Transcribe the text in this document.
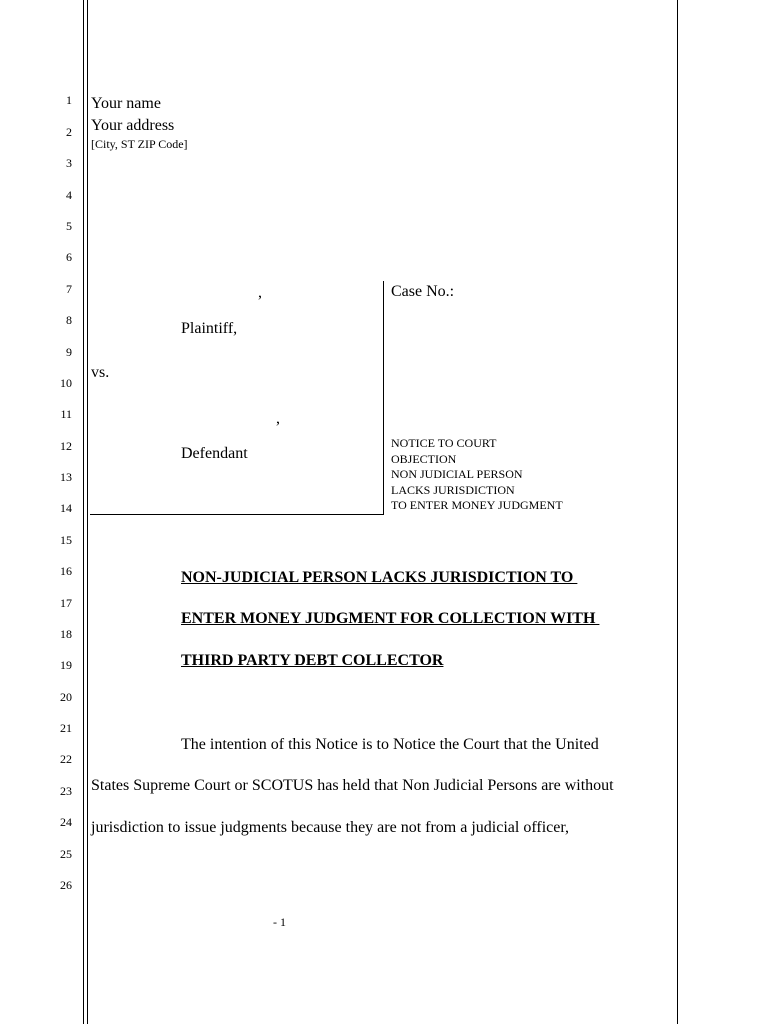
1
2
3
4
5
6
7
8
9
10
11
12
13
14
15
16
17
18
19
20
21
22
23
24
25
26
Your name
Your address
[City, ST ZIP Code]
,
Plaintiff,
vs.
,
Defendant
Case No.:
NOTICE TO COURT
OBJECTION
NON JUDICIAL PERSON
LACKS JURISDICTION
TO ENTER MONEY JUDGMENT
NON-JUDICIAL PERSON LACKS JURISDICTION TO
ENTER MONEY JUDGMENT FOR COLLECTION WITH
THIRD PARTY DEBT COLLECTOR
The intention of this Notice is to Notice the Court that the United
States Supreme Court or SCOTUS has held that Non Judicial Persons are without
jurisdiction to issue judgments because they are not from a judicial officer,
- 1
